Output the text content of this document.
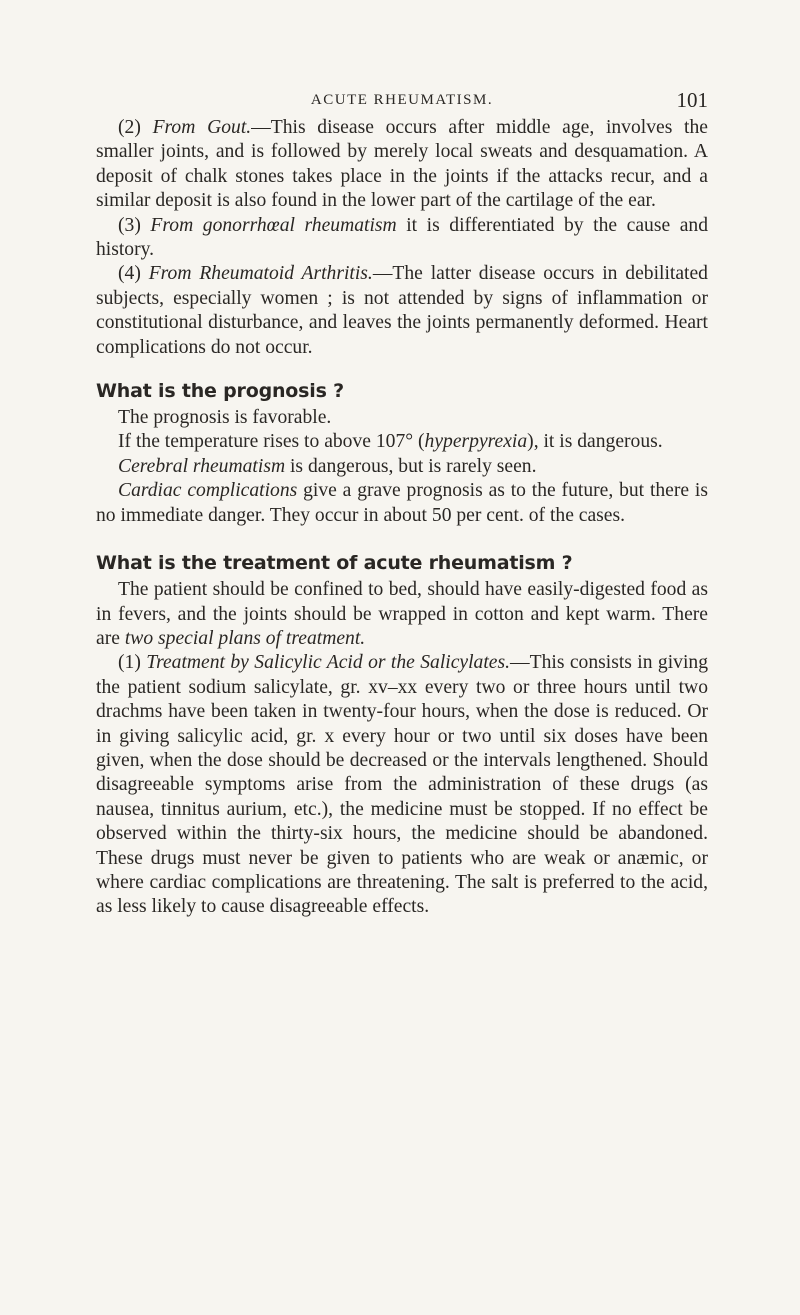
ACUTE RHEUMATISM.	101

(2) From Gout.—This disease occurs after middle age, involves the smaller joints, and is followed by merely local sweats and desquamation. A deposit of chalk stones takes place in the joints if the attacks recur, and a similar deposit is also found in the lower part of the cartilage of the ear.

(3) From gonorrhœal rheumatism it is differentiated by the cause and history.

(4) From Rheumatoid Arthritis.—The latter disease occurs in debilitated subjects, especially women ; is not attended by signs of inflammation or constitutional disturbance, and leaves the joints permanently deformed. Heart complications do not occur.

What is the prognosis ?

The prognosis is favorable.

If the temperature rises to above 107° (hyperpyrexia), it is dangerous.

Cerebral rheumatism is dangerous, but is rarely seen.

Cardiac complications give a grave prognosis as to the future, but there is no immediate danger. They occur in about 50 per cent. of the cases.

What is the treatment of acute rheumatism ?

The patient should be confined to bed, should have easily-digested food as in fevers, and the joints should be wrapped in cotton and kept warm. There are two special plans of treatment.

(1) Treatment by Salicylic Acid or the Salicylates.—This consists in giving the patient sodium salicylate, gr. xv–xx every two or three hours until two drachms have been taken in twenty-four hours, when the dose is reduced. Or in giving salicylic acid, gr. x every hour or two until six doses have been given, when the dose should be decreased or the intervals lengthened. Should disagreeable symptoms arise from the administration of these drugs (as nausea, tinnitus aurium, etc.), the medicine must be stopped. If no effect be observed within the thirty-six hours, the medicine should be abandoned. These drugs must never be given to patients who are weak or anæmic, or where cardiac complications are threatening. The salt is preferred to the acid, as less likely to cause disagreeable effects.
